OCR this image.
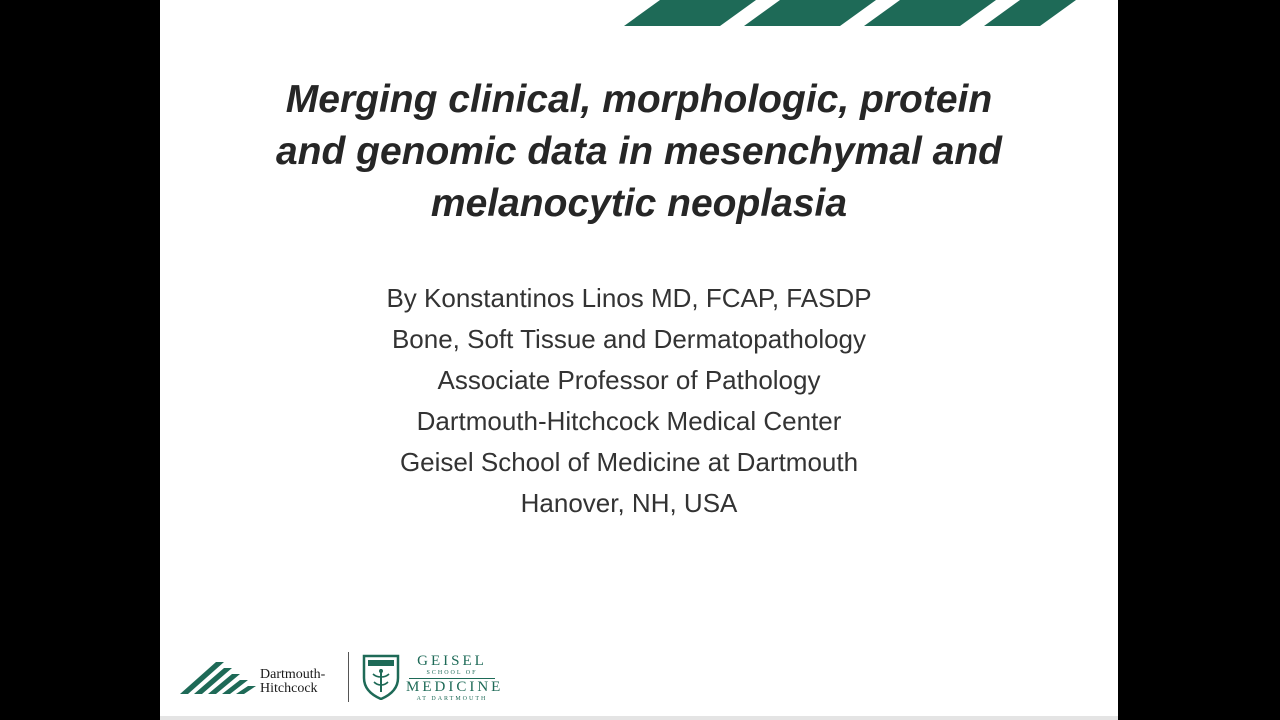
Merging clinical, morphologic, protein
and genomic data in mesenchymal and
melanocytic neoplasia
By Konstantinos Linos MD, FCAP, FASDP
Bone, Soft Tissue and Dermatopathology
Associate Professor of Pathology
Dartmouth-Hitchcock Medical Center
Geisel School of Medicine at Dartmouth
Hanover, NH, USA
Dartmouth-
Hitchcock
GEISEL
SCHOOL OF
MEDICINE
AT DARTMOUTH
